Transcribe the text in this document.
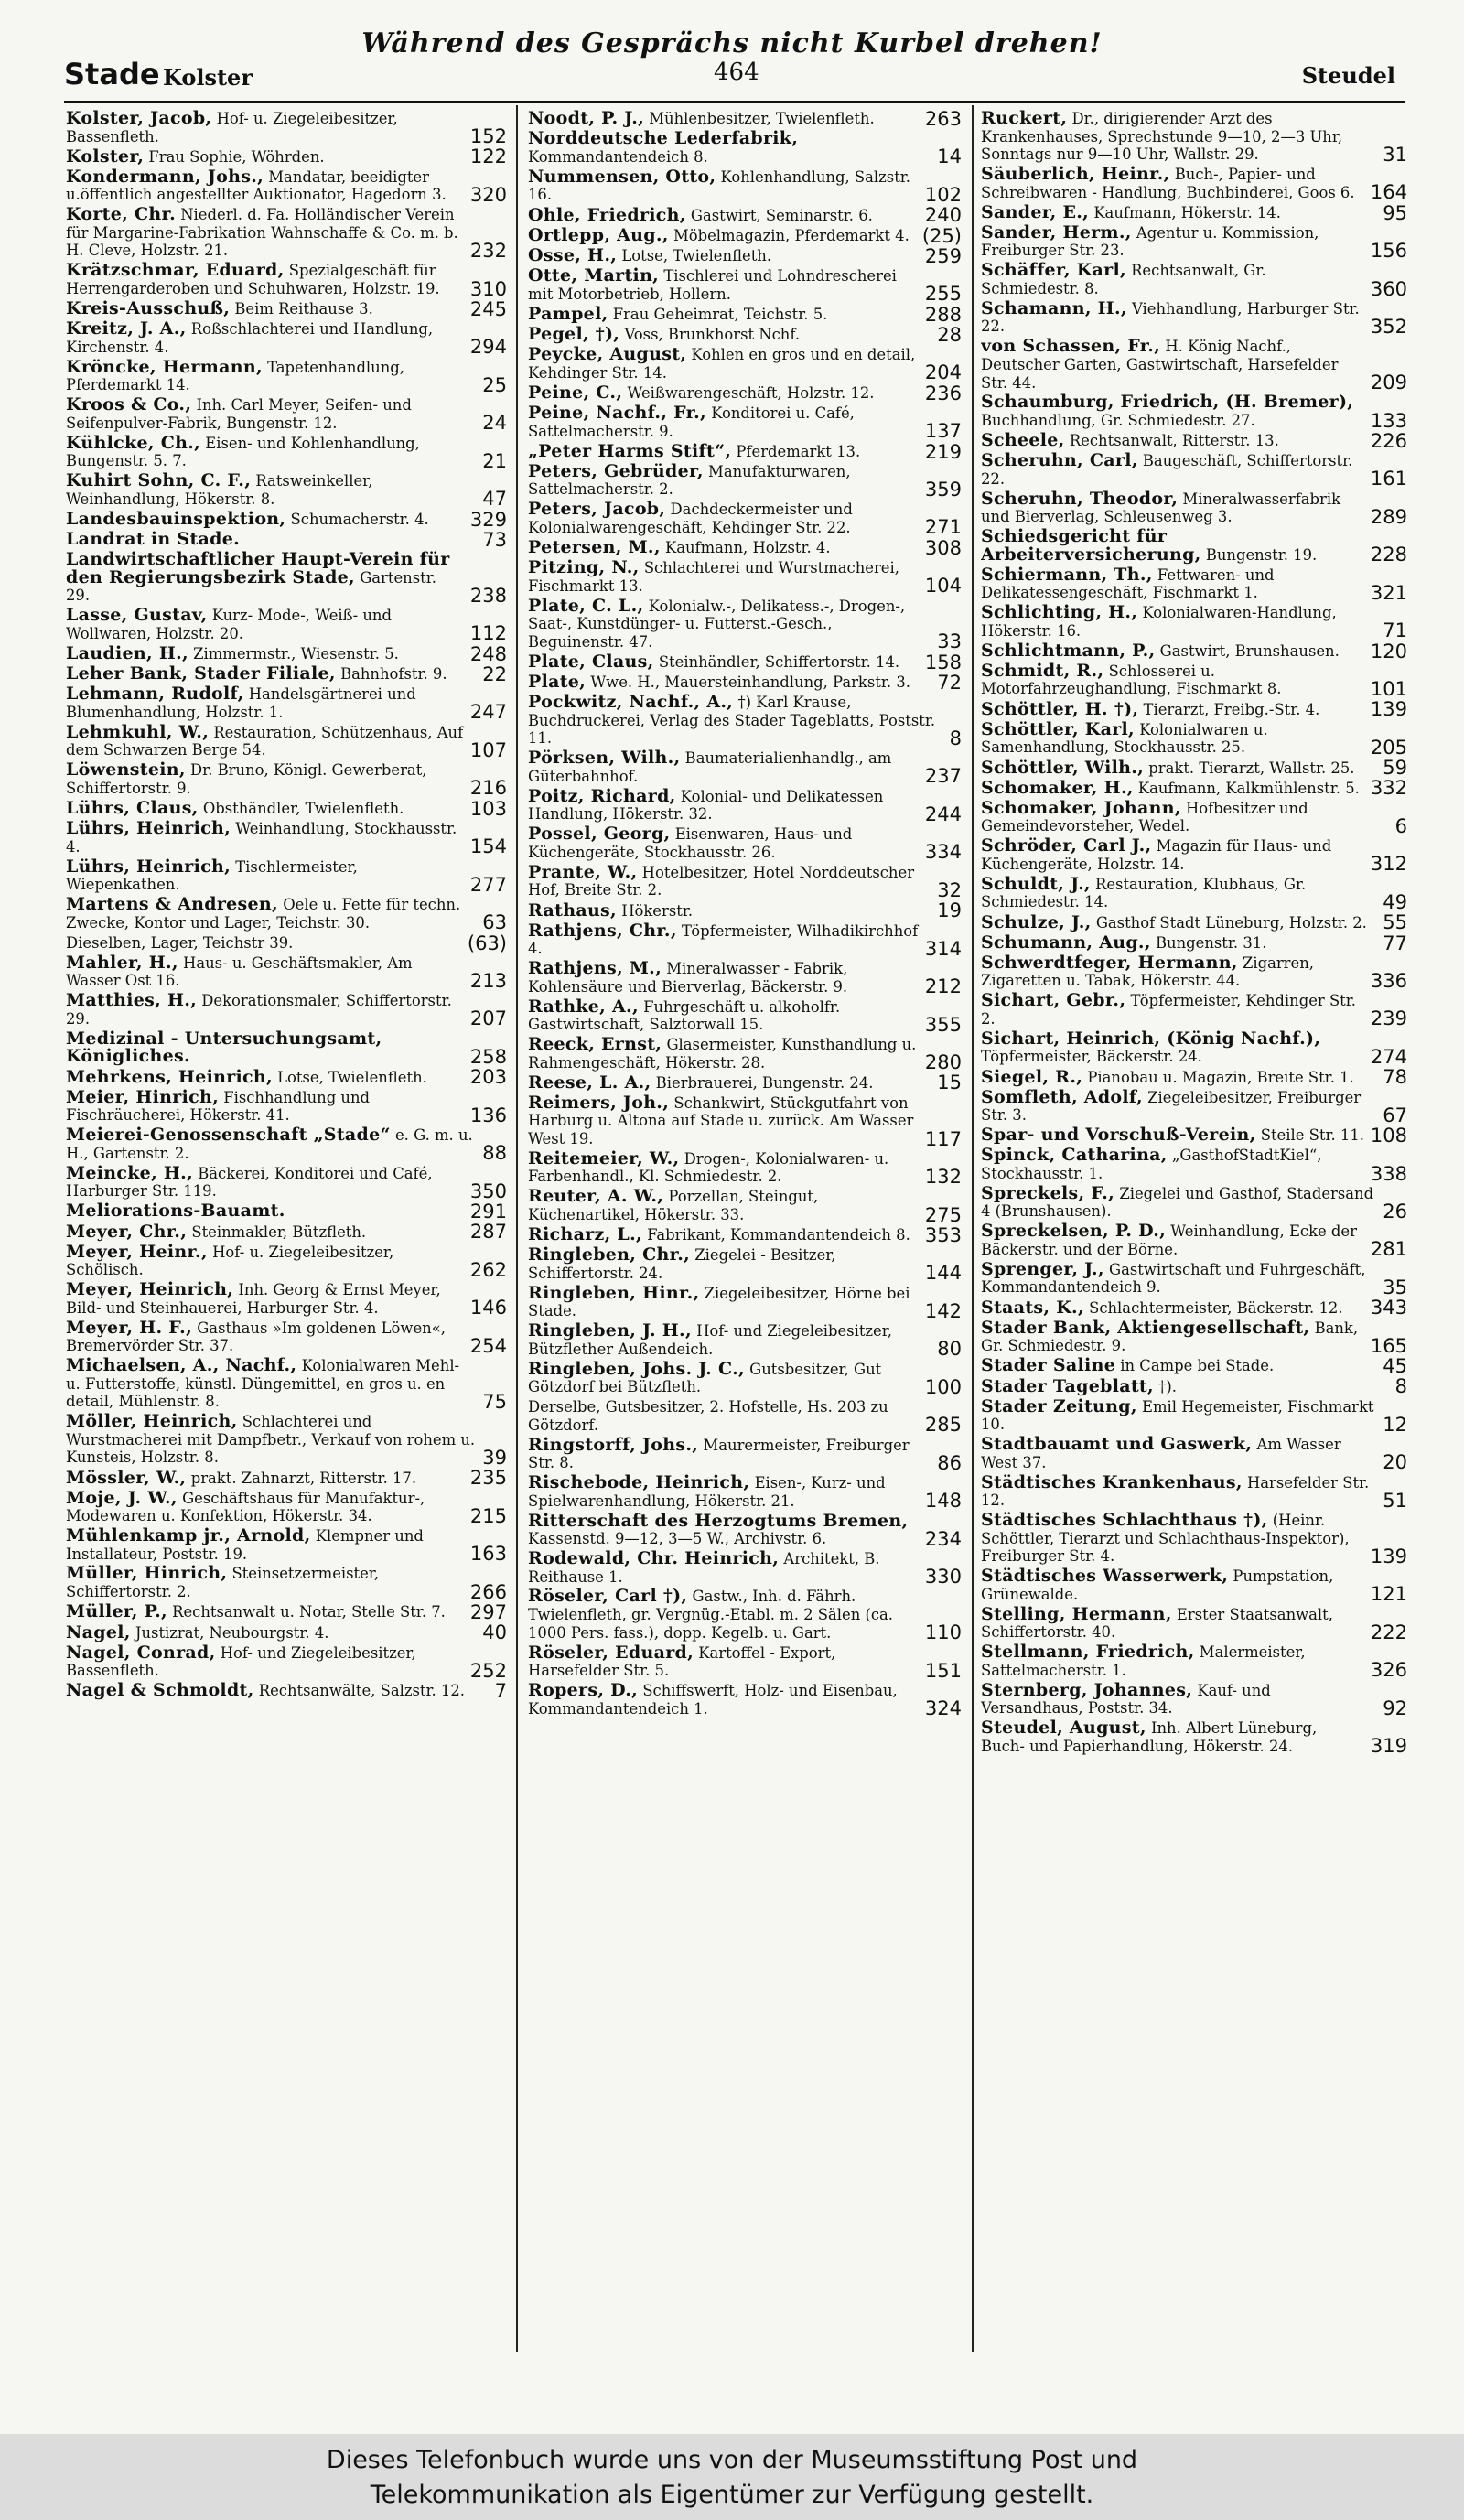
Während des Gesprächs nicht Kurbel drehen!
Stade Kolster	464	Steudel
Kolster, Jacob, Hof- u. Ziegeleibesitzer, Bassenfleth.	152
Kolster, Frau Sophie, Wöhrden.	122
Kondermann, Johs., Mandatar, beeidigter u.öffentlich angestellter Auktionator, Hagedorn 3.	320
Korte, Chr. Niederl. d. Fa. Holländischer Verein für Margarine-Fabrikation Wahnschaffe & Co. m. b. H. Cleve, Holzstr. 21.	232
Krätzschmar, Eduard, Spezialgeschäft für Herrengarderoben und Schuhwaren, Holzstr. 19.	310
Kreis-Ausschuß, Beim Reithause 3.	245
Kreitz, J. A., Roßschlachterei und Handlung, Kirchenstr. 4.	294
Kröncke, Hermann, Tapetenhandlung, Pferdemarkt 14.	25
Kroos & Co., Inh. Carl Meyer, Seifen- und Seifenpulver-Fabrik, Bungenstr. 12.	24
Kühlcke, Ch., Eisen- und Kohlenhandlung, Bungenstr. 5. 7.	21
Kuhirt Sohn, C. F., Ratsweinkeller, Weinhandlung, Hökerstr. 8.	47
Landesbauinspektion, Schumacherstr. 4.	329
Landrat in Stade.	73
Landwirtschaftlicher Haupt-Verein für den Regierungsbezirk Stade, Gartenstr. 29.	238
Lasse, Gustav, Kurz- Mode-, Weiß- und Wollwaren, Holzstr. 20.	112
Laudien, H., Zimmermstr., Wiesenstr. 5.	248
Leher Bank, Stader Filiale, Bahnhofstr. 9.	22
Lehmann, Rudolf, Handelsgärtnerei und Blumenhandlung, Holzstr. 1.	247
Lehmkuhl, W., Restauration, Schützenhaus, Auf dem Schwarzen Berge 54.	107
Löwenstein, Dr. Bruno, Königl. Gewerberat, Schiffertorstr. 9.	216
Lührs, Claus, Obsthändler, Twielenfleth.	103
Lührs, Heinrich, Weinhandlung, Stockhausstr. 4.	154
Lührs, Heinrich, Tischlermeister, Wiepenkathen.	277
Martens & Andresen, Oele u. Fette für techn. Zwecke, Kontor und Lager, Teichstr. 30.	63
Dieselben, Lager, Teichstr 39.	(63)
Mahler, H., Haus- u. Geschäftsmakler, Am Wasser Ost 16.	213
Matthies, H., Dekorationsmaler, Schiffertorstr. 29.	207
Medizinal - Untersuchungsamt, Königliches.	258
Mehrkens, Heinrich, Lotse, Twielenfleth.	203
Meier, Hinrich, Fischhandlung und Fischräucherei, Hökerstr. 41.	136
Meierei-Genossenschaft „Stade“ e. G. m. u. H., Gartenstr. 2.	88
Meincke, H., Bäckerei, Konditorei und Café, Harburger Str. 119.	350
Meliorations-Bauamt.	291
Meyer, Chr., Steinmakler, Bützfleth.	287
Meyer, Heinr., Hof- u. Ziegeleibesitzer, Schölisch.	262
Meyer, Heinrich, Inh. Georg & Ernst Meyer, Bild- und Steinhauerei, Harburger Str. 4.	146
Meyer, H. F., Gasthaus »Im goldenen Löwen«, Bremervörder Str. 37.	254
Michaelsen, A., Nachf., Kolonialwaren Mehl- u. Futterstoffe, künstl. Düngemittel, en gros u. en detail, Mühlenstr. 8.	75
Möller, Heinrich, Schlachterei und Wurstmacherei mit Dampfbetr., Verkauf von rohem u. Kunsteis, Holzstr. 8.	39
Mössler, W., prakt. Zahnarzt, Ritterstr. 17.	235
Moje, J. W., Geschäftshaus für Manufaktur-, Modewaren u. Konfektion, Hökerstr. 34.	215
Mühlenkamp jr., Arnold, Klempner und Installateur, Poststr. 19.	163
Müller, Hinrich, Steinsetzermeister, Schiffertorstr. 2.	266
Müller, P., Rechtsanwalt u. Notar, Stelle Str. 7.	297
Nagel, Justizrat, Neubourgstr. 4.	40
Nagel, Conrad, Hof- und Ziegeleibesitzer, Bassenfleth.	252
Nagel & Schmoldt, Rechtsanwälte, Salzstr. 12.	7
Noodt, P. J., Mühlenbesitzer, Twielenfleth.	263
Norddeutsche Lederfabrik, Kommandantendeich 8.	14
Nummensen, Otto, Kohlenhandlung, Salzstr. 16.	102
Ohle, Friedrich, Gastwirt, Seminarstr. 6.	240
Ortlepp, Aug., Möbelmagazin, Pferdemarkt 4. (25)
Osse, H., Lotse, Twielenfleth.	259
Otte, Martin, Tischlerei und Lohndrescherei mit Motorbetrieb, Hollern.	255
Pampel, Frau Geheimrat, Teichstr. 5.	288
Pegel, †), Voss, Brunkhorst Nchf.	28
Peycke, August, Kohlen en gros und en detail, Kehdinger Str. 14.	204
Peine, C., Weißwarengeschäft, Holzstr. 12.	236
Peine, Nachf., Fr., Konditorei u. Café, Sattelmacherstr. 9.	137
„Peter Harms Stift“, Pferdemarkt 13.	219
Peters, Gebrüder, Manufakturwaren, Sattelmacherstr. 2.	359
Peters, Jacob, Dachdeckermeister und Kolonialwarengeschäft, Kehdinger Str. 22.	271
Petersen, M., Kaufmann, Holzstr. 4.	308
Pitzing, N., Schlachterei und Wurstmacherei, Fischmarkt 13.	104
Plate, C. L., Kolonialw.-, Delikatess.-, Drogen-, Saat-, Kunstdünger- u. Futterst.-Gesch., Beguinenstr. 47.	33
Plate, Claus, Steinhändler, Schiffertorstr. 14.	158
Plate, Wwe. H., Mauersteinhandlung, Parkstr. 3.	72
Pockwitz, Nachf., A., †) Karl Krause, Buchdruckerei, Verlag des Stader Tageblatts, Poststr. 11.	8
Pörksen, Wilh., Baumaterialienhandlg., am Güterbahnhof.	237
Poitz, Richard, Kolonial- und Delikatessen Handlung, Hökerstr. 32.	244
Possel, Georg, Eisenwaren, Haus- und Küchengeräte, Stockhausstr. 26.	334
Prante, W., Hotelbesitzer, Hotel Norddeutscher Hof, Breite Str. 2.	32
Rathaus, Hökerstr.	19
Rathjens, Chr., Töpfermeister, Wilhadikirchhof 4.	314
Rathjens, M., Mineralwasser - Fabrik, Kohlensäure und Bierverlag, Bäckerstr. 9.	212
Rathke, A., Fuhrgeschäft u. alkoholfr. Gastwirtschaft, Salztorwall 15.	355
Reeck, Ernst, Glasermeister, Kunsthandlung u. Rahmengeschäft, Hökerstr. 28.	280
Reese, L. A., Bierbrauerei, Bungenstr. 24.	15
Reimers, Joh., Schankwirt, Stückgutfahrt von Harburg u. Altona auf Stade u. zurück. Am Wasser West 19.	117
Reitemeier, W., Drogen-, Kolonialwaren- u. Farbenhandl., Kl. Schmiedestr. 2.	132
Reuter, A. W., Porzellan, Steingut, Küchenartikel, Hökerstr. 33.	275
Richarz, L., Fabrikant, Kommandantendeich 8. 353
Ringleben, Chr., Ziegelei - Besitzer, Schiffertorstr. 24.	144
Ringleben, Hinr., Ziegeleibesitzer, Hörne bei Stade.	142
Ringleben, J. H., Hof- und Ziegeleibesitzer, Bützflether Außendeich.	80
Ringleben, Johs. J. C., Gutsbesitzer, Gut Götzdorf bei Bützfleth.	100
Derselbe, Gutsbesitzer, 2. Hofstelle, Hs. 203 zu Götzdorf.	285
Ringstorff, Johs., Maurermeister, Freiburger Str. 8.	86
Rischebode, Heinrich, Eisen-, Kurz- und Spielwarenhandlung, Hökerstr. 21.	148
Ritterschaft des Herzogtums Bremen, Kassenstd. 9—12, 3—5 W., Archivstr. 6.	234
Rodewald, Chr. Heinrich, Architekt, B. Reithause 1.	330
Röseler, Carl †), Gastw., Inh. d. Fährh. Twielenfleth, gr. Vergnüg.-Etabl. m. 2 Sälen (ca. 1000 Pers. fass.), dopp. Kegelb. u. Gart.	110
Röseler, Eduard, Kartoffel - Export, Harsefelder Str. 5.	151
Ropers, D., Schiffswerft, Holz- und Eisenbau, Kommandantendeich 1.	324
Ruckert, Dr., dirigierender Arzt des Krankenhauses, Sprechstunde 9—10, 2—3 Uhr, Sonntags nur 9—10 Uhr, Wallstr. 29.	31
Säuberlich, Heinr., Buch-, Papier- und Schreibwaren - Handlung, Buchbinderei, Goos 6. 164
Sander, E., Kaufmann, Hökerstr. 14.	95
Sander, Herm., Agentur u. Kommission, Freiburger Str. 23.	156
Schäffer, Karl, Rechtsanwalt, Gr. Schmiedestr. 8.	360
Schamann, H., Viehhandlung, Harburger Str. 22.	352
von Schassen, Fr., H. König Nachf., Deutscher Garten, Gastwirtschaft, Harsefelder Str. 44.	209
Schaumburg, Friedrich, (H. Bremer), Buchhandlung, Gr. Schmiedestr. 27.	133
Scheele, Rechtsanwalt, Ritterstr. 13.	226
Scheruhn, Carl, Baugeschäft, Schiffertorstr. 22.	161
Scheruhn, Theodor, Mineralwasserfabrik und Bierverlag, Schleusenweg 3.	289
Schiedsgericht für Arbeiterversicherung, Bungenstr. 19.	228
Schiermann, Th., Fettwaren- und Delikatessengeschäft, Fischmarkt 1.	321
Schlichting, H., Kolonialwaren-Handlung, Hökerstr. 16.	71
Schlichtmann, P., Gastwirt, Brunshausen.	120
Schmidt, R., Schlosserei u. Motorfahrzeughandlung, Fischmarkt 8.	101
Schöttler, H. †), Tierarzt, Freibg.-Str. 4.	139
Schöttler, Karl, Kolonialwaren u. Samenhandlung, Stockhausstr. 25.	205
Schöttler, Wilh., prakt. Tierarzt, Wallstr. 25.	59
Schomaker, H., Kaufmann, Kalkmühlenstr. 5. 332
Schomaker, Johann, Hofbesitzer und Gemeindevorsteher, Wedel.	6
Schröder, Carl J., Magazin für Haus- und Küchengeräte, Holzstr. 14.	312
Schuldt, J., Restauration, Klubhaus, Gr. Schmiedestr. 14.	49
Schulze, J., Gasthof Stadt Lüneburg, Holzstr. 2. 55
Schumann, Aug., Bungenstr. 31.	77
Schwerdtfeger, Hermann, Zigarren, Zigaretten u. Tabak, Hökerstr. 44.	336
Sichart, Gebr., Töpfermeister, Kehdinger Str. 2.	239
Sichart, Heinrich, (König Nachf.), Töpfermeister, Bäckerstr. 24.	274
Siegel, R., Pianobau u. Magazin, Breite Str. 1.	78
Somfleth, Adolf, Ziegeleibesitzer, Freiburger Str. 3.	67
Spar- und Vorschuß-Verein, Steile Str. 11. 108
Spinck, Catharina, „GasthofStadtKiel“, Stockhausstr. 1.	338
Spreckels, F., Ziegelei und Gasthof, Stadersand 4 (Brunshausen).	26
Spreckelsen, P. D., Weinhandlung, Ecke der Bäckerstr. und der Börne.	281
Sprenger, J., Gastwirtschaft und Fuhrgeschäft, Kommandantendeich 9.	35
Staats, K., Schlachtermeister, Bäckerstr. 12.	343
Stader Bank, Aktiengesellschaft, Bank, Gr. Schmiedestr. 9.	165
Stader Saline in Campe bei Stade.	45
Stader Tageblatt, †).	8
Stader Zeitung, Emil Hegemeister, Fischmarkt 10.	12
Stadtbauamt und Gaswerk, Am Wasser West 37.	20
Städtisches Krankenhaus, Harsefelder Str. 12.	51
Städtisches Schlachthaus †), (Heinr. Schöttler, Tierarzt und Schlachthaus-Inspektor), Freiburger Str. 4.	139
Städtisches Wasserwerk, Pumpstation, Grünewalde.	121
Stelling, Hermann, Erster Staatsanwalt, Schiffertorstr. 40.	222
Stellmann, Friedrich, Malermeister, Sattelmacherstr. 1.	326
Sternberg, Johannes, Kauf- und Versandhaus, Poststr. 34.	92
Steudel, August, Inh. Albert Lüneburg, Buch- und Papierhandlung, Hökerstr. 24.	319
Dieses Telefonbuch wurde uns von der Museumsstiftung Post und
Telekommunikation als Eigentümer zur Verfügung gestellt.
